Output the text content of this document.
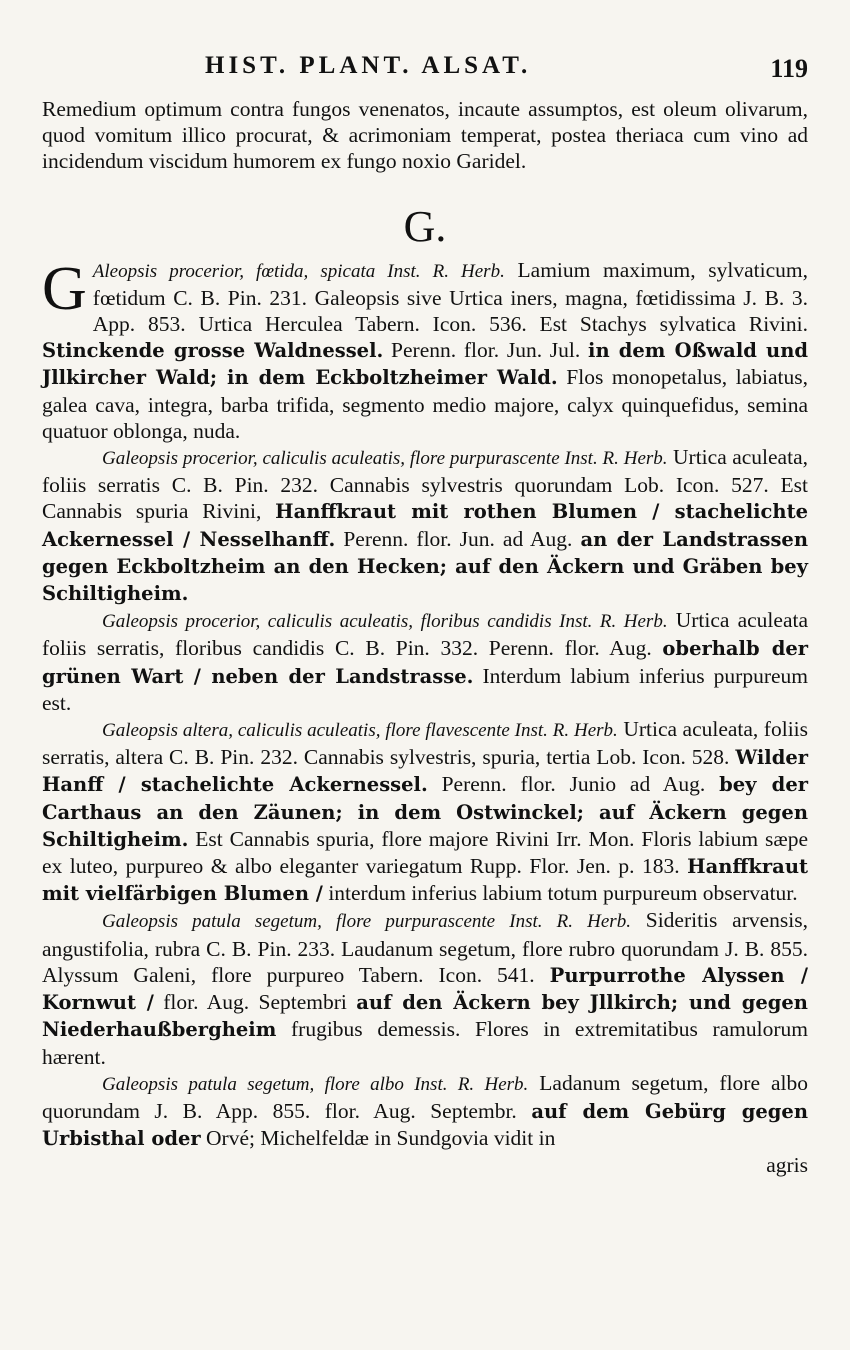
HIST. PLANT. ALSAT.	119

Remedium optimum contra fungos venenatos, incaute assumptos, est oleum olivarum, quod vomitum illico procurat, & acrimoniam temperat, postea theriaca cum vino ad incidendum viscidum humorem ex fungo noxio Garidel.

G.

G Aleopsis procerior, fœtida, spicata Inst. R. Herb. Lamium maximum, sylvaticum, fœtidum C. B. Pin. 231. Galeopsis sive Urtica iners, magna, fœtidissima J. B. 3. App. 853. Urtica Herculea Tabern. Icon. 536. Est Stachys sylvatica Rivini. Stinckende grosse Waldnessel. Perenn. flor. Jun. Jul. in dem Oßwald und Jllkircher Wald; in dem Eckboltzheimer Wald. Flos monopetalus, labiatus, galea cava, integra, barba trifida, segmento medio majore, calyx quinquefidus, semina quatuor oblonga, nuda.

Galeopsis procerior, caliculis aculeatis, flore purpurascente Inst. R. Herb. Urtica aculeata, foliis serratis C. B. Pin. 232. Cannabis sylvestris quorundam Lob. Icon. 527. Est Cannabis spuria Rivini, Hanffkraut mit rothen Blumen / stachelichte Ackernessel / Nesselhanff. Perenn. flor. Jun. ad Aug. an der Landstrassen gegen Eckboltzheim an den Hecken; auf den Äckern und Gräben bey Schiltigheim.

Galeopsis procerior, caliculis aculeatis, floribus candidis Inst. R. Herb. Urtica aculeata foliis serratis, floribus candidis C. B. Pin. 332. Perenn. flor. Aug. oberhalb der grünen Wart / neben der Landstrasse. Interdum labium inferius purpureum est.

Galeopsis altera, caliculis aculeatis, flore flavescente Inst. R. Herb. Urtica aculeata, foliis serratis, altera C. B. Pin. 232. Cannabis sylvestris, spuria, tertia Lob. Icon. 528. Wilder Hanff / stachelichte Ackernessel. Perenn. flor. Junio ad Aug. bey der Carthaus an den Zäunen; in dem Ostwinckel; auf Äckern gegen Schiltigheim. Est Cannabis spuria, flore majore Rivini Irr. Mon. Floris labium sæpe ex luteo, purpureo & albo eleganter variegatum Rupp. Flor. Jen. p. 183. Hanffkraut mit vielfärbigen Blumen / interdum inferius labium totum purpureum observatur.

Galeopsis patula segetum, flore purpurascente Inst. R. Herb. Sideritis arvensis, angustifolia, rubra C. B. Pin. 233. Laudanum segetum, flore rubro quorundam J. B. 855. Alyssum Galeni, flore purpureo Tabern. Icon. 541. Purpurrothe Alyssen / Kornwut / flor. Aug. Septembri auf den Äckern bey Jllkirch; und gegen Niederhaußbergheim frugibus demessis. Flores in extremitatibus ramulorum hærent.

Galeopsis patula segetum, flore albo Inst. R. Herb. Ladanum segetum, flore albo quorundam J. B. App. 855. flor. Aug. Septembr. auf dem Gebürg gegen Urbisthal oder Orvé; Michelfeldæ in Sundgovia vidit in

agris
